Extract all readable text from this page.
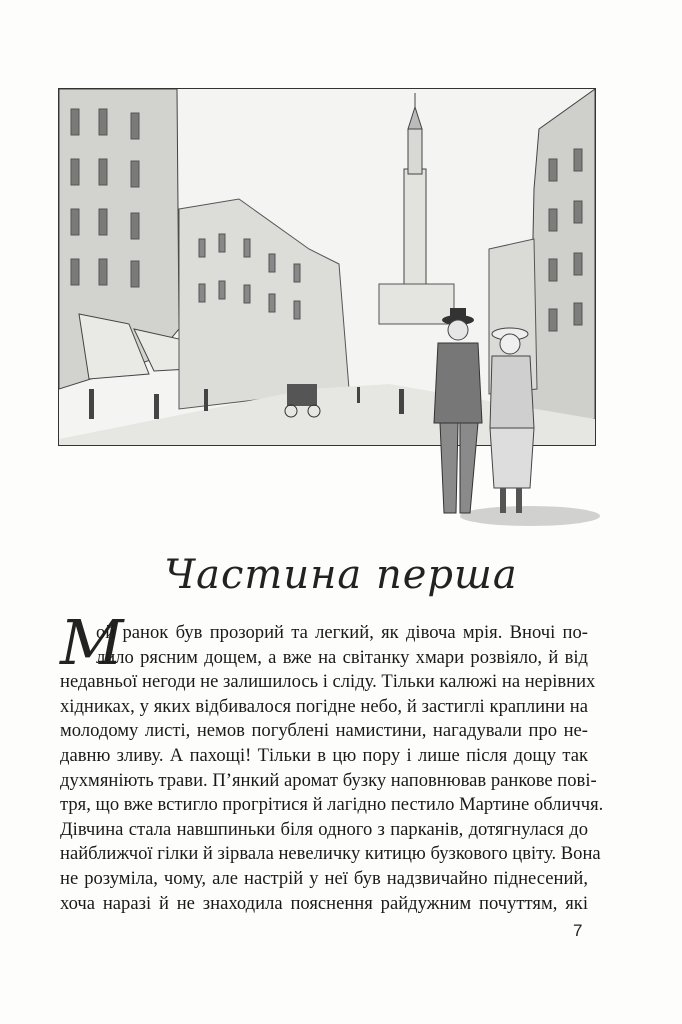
Частина перша
М
ой ранок був прозорий та легкий, як дівоча мрія. Вночі по-
лило рясним дощем, а вже на світанку хмари розвіяло, й від
недавньої негоди не залишилось і сліду. Тільки калюжі на нерівних
хідниках, у яких відбивалося погідне небо, й застиглі краплини на
молодому листі, немов погублені намистини, нагадували про не-
давню зливу. А пахощі! Тільки в цю пору і лише після дощу так
духмяніють трави. П’янкий аромат бузку наповнював ранкове пові-
тря, що вже встигло прогрітися й лагідно пестило Мартине обличчя.
Дівчина стала навшпиньки біля одного з парканів, дотягнулася до
найближчої гілки й зірвала невеличку китицю бузкового цвіту. Вона
не розуміла, чому, але настрій у неї був надзвичайно піднесений,
хоча наразі й не знаходила пояснення райдужним почуттям, які
7
